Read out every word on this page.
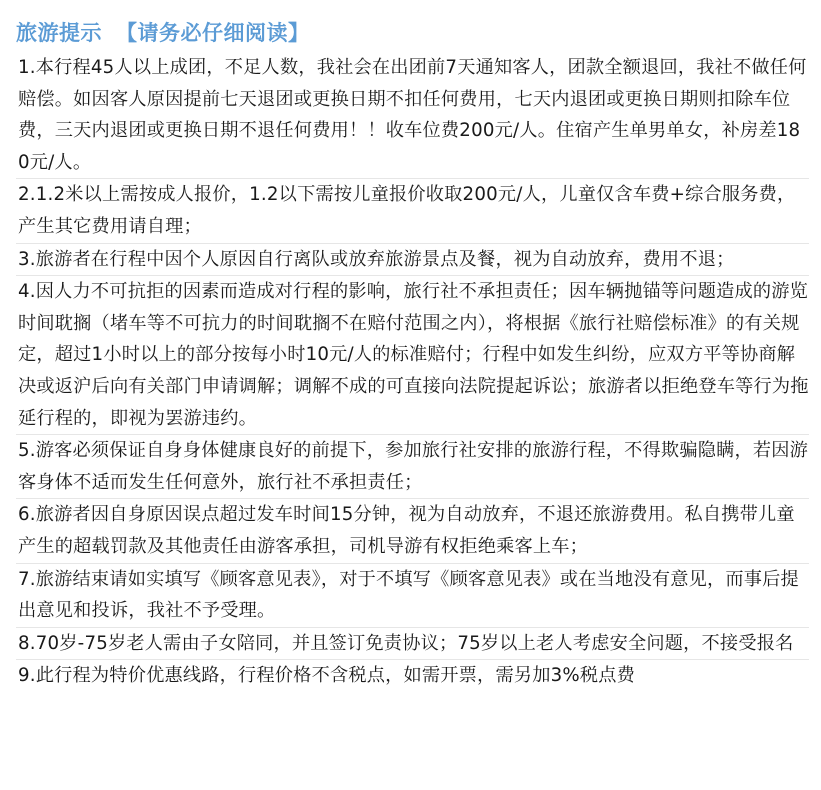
旅游提示 【请务必仔细阅读】
1.本行程45人以上成团，不足人数，我社会在出团前7天通知客人，团款全额退回，我社不做任何赔偿。如因客人原因提前七天退团或更换日期不扣任何费用，七天内退团或更换日期则扣除车位费，三天内退团或更换日期不退任何费用！！收车位费200元/人。住宿产生单男单女，补房差180元/人。
2.1.2米以上需按成人报价，1.2以下需按儿童报价收取200元/人，儿童仅含车费+综合服务费，产生其它费用请自理；
3.旅游者在行程中因个人原因自行离队或放弃旅游景点及餐，视为自动放弃，费用不退；
4.因人力不可抗拒的因素而造成对行程的影响，旅行社不承担责任；因车辆抛锚等问题造成的游览时间耽搁（堵车等不可抗力的时间耽搁不在赔付范围之内），将根据《旅行社赔偿标准》的有关规定，超过1小时以上的部分按每小时10元/人的标准赔付；行程中如发生纠纷，应双方平等协商解决或返沪后向有关部门申请调解；调解不成的可直接向法院提起诉讼；旅游者以拒绝登车等行为拖延行程的，即视为罢游违约。
5.游客必须保证自身身体健康良好的前提下，参加旅行社安排的旅游行程，不得欺骗隐瞒，若因游客身体不适而发生任何意外，旅行社不承担责任；
6.旅游者因自身原因误点超过发车时间15分钟，视为自动放弃，不退还旅游费用。私自携带儿童产生的超载罚款及其他责任由游客承担，司机导游有权拒绝乘客上车；
7.旅游结束请如实填写《顾客意见表》，对于不填写《顾客意见表》或在当地没有意见，而事后提出意见和投诉，我社不予受理。
8.70岁-75岁老人需由子女陪同，并且签订免责协议；75岁以上老人考虑安全问题，不接受报名
9.此行程为特价优惠线路，行程价格不含税点，如需开票，需另加3%税点费
